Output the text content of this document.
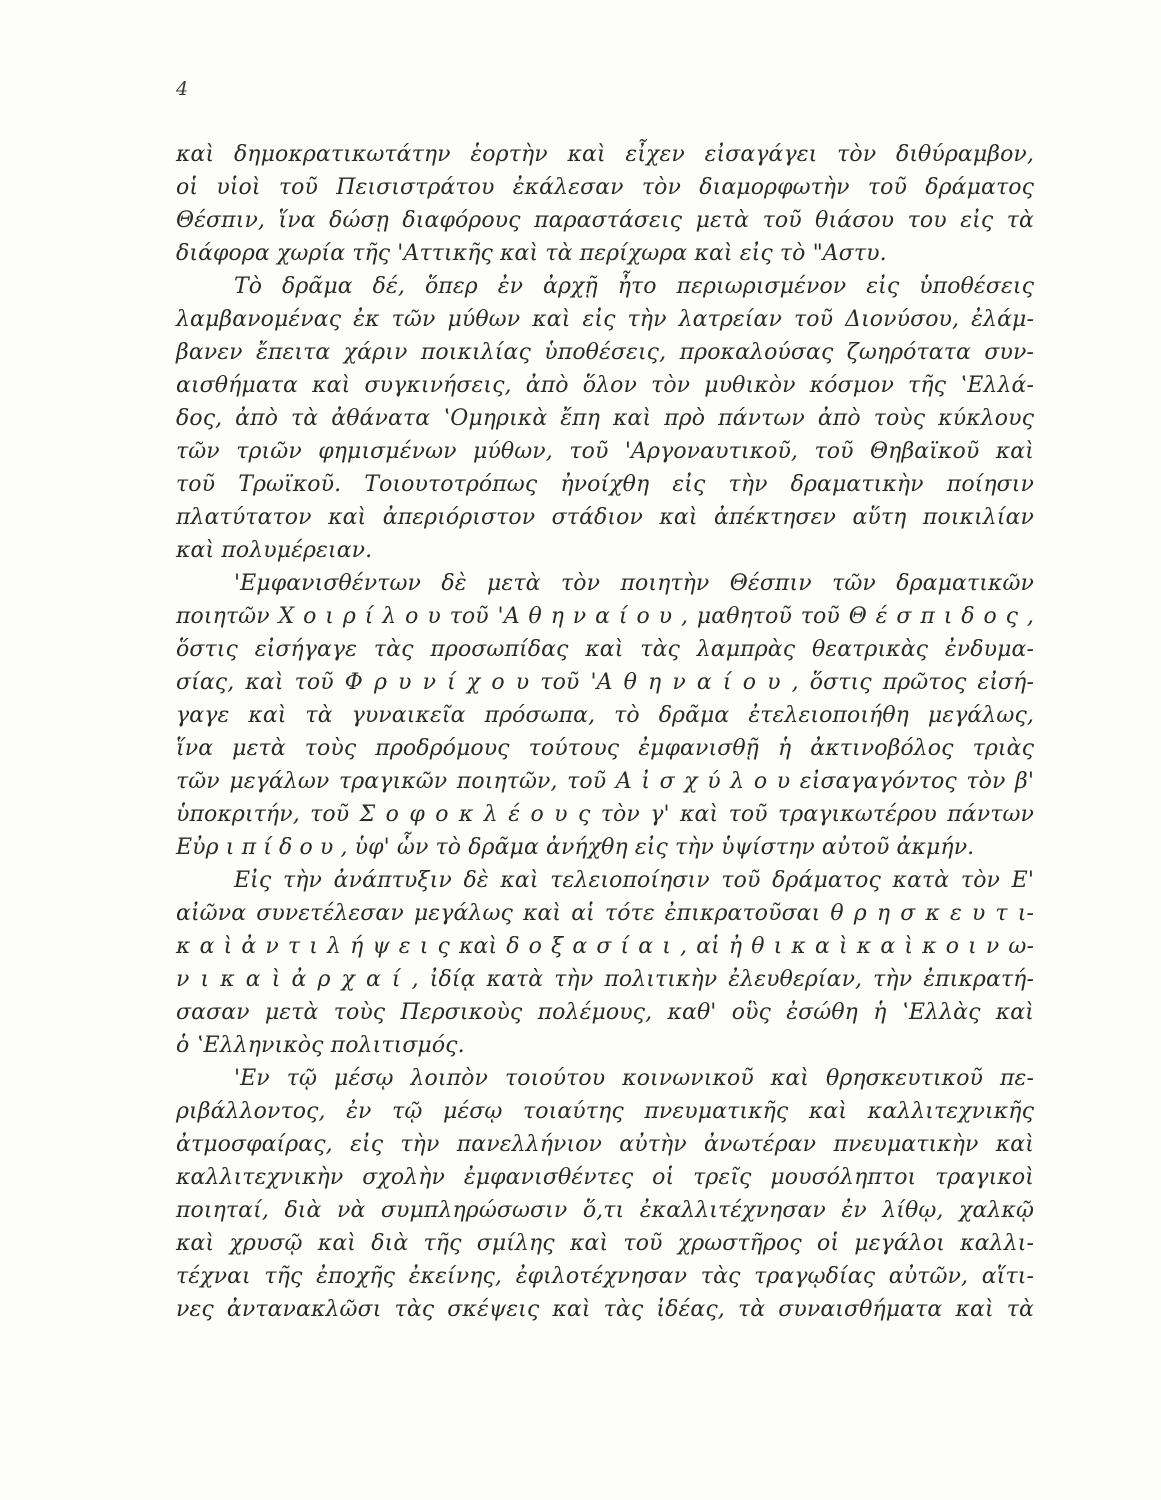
4
καὶ δημοκρατικωτάτην ἑορτὴν καὶ εἶχεν εἰσαγάγει τὸν διθύραμβον,
οἱ υἱοὶ τοῦ Πεισιστράτου ἐκάλεσαν τὸν διαμορφωτὴν τοῦ δράματος
Θέσπιν, ἵνα δώσῃ διαφόρους παραστάσεις μετὰ τοῦ θιάσου του εἰς τὰ
διάφορα χωρία τῆς 'Αττικῆς καὶ τὰ περίχωρα καὶ εἰς τὸ "Αστυ.
Τὸ δρᾶμα δέ, ὅπερ ἐν ἀρχῇ ἦτο περιωρισμένον εἰς ὑποθέσεις
λαμβανομένας ἐκ τῶν μύθων καὶ εἰς τὴν λατρείαν τοῦ Διονύσου, ἐλάμ-
βανεν ἔπειτα χάριν ποικιλίας ὑποθέσεις, προκαλούσας ζωηρότατα συν-
αισθήματα καὶ συγκινήσεις, ἀπὸ ὅλον τὸν μυθικὸν κόσμον τῆς ʽΕλλά-
δος, ἀπὸ τὰ ἀθάνατα ʽΟμηρικὰ ἔπη καὶ πρὸ πάντων ἀπὸ τοὺς κύκλους
τῶν τριῶν φημισμένων μύθων, τοῦ 'Αργοναυτικοῦ, τοῦ Θηβαϊκοῦ καὶ
τοῦ Τρωϊκοῦ. Τοιουτοτρόπως ἠνοίχθη εἰς τὴν δραματικὴν ποίησιν
πλατύτατον καὶ ἀπεριόριστον στάδιον καὶ ἀπέκτησεν αὕτη ποικιλίαν
καὶ πολυμέρειαν.
'Εμφανισθέντων δὲ μετὰ τὸν ποιητὴν Θέσπιν τῶν δραματικῶν
ποιητῶν Χ ο ι ρ ί λ ο υ τοῦ 'Α θ η ν α ί ο υ , μαθητοῦ τοῦ Θ έ σ π ι δ ο ς ,
ὅστις εἰσήγαγε τὰς προσωπίδας καὶ τὰς λαμπρὰς θεατρικὰς ἐνδυμα-
σίας, καὶ τοῦ Φ ρ υ ν ί χ ο υ τοῦ 'Α θ η ν α ί ο υ , ὅστις πρῶτος εἰσή-
γαγε καὶ τὰ γυναικεῖα πρόσωπα, τὸ δρᾶμα ἐτελειοποιήθη μεγάλως,
ἵνα μετὰ τοὺς προδρόμους τούτους ἐμφανισθῇ ἡ ἀκτινοβόλος τριὰς
τῶν μεγάλων τραγικῶν ποιητῶν, τοῦ Α ἰ σ χ ύ λ ο υ εἰσαγαγόντος τὸν β'
ὑποκριτήν, τοῦ Σ ο φ ο κ λ έ ο υ ς τὸν γ' καὶ τοῦ τραγικωτέρου πάντων
Εὐρ ι π ί δ ο υ , ὑφ' ὧν τὸ δρᾶμα ἀνήχθη εἰς τὴν ὑψίστην αὐτοῦ ἀκμήν.
Εἰς τὴν ἀνάπτυξιν δὲ καὶ τελειοποίησιν τοῦ δράματος κατὰ τὸν Ε'
αἰῶνα συνετέλεσαν μεγάλως καὶ αἱ τότε ἐπικρατοῦσαι θ ρ η σ κ ε υ τ ι-
κ α ὶ ἀ ν τ ι λ ή ψ ε ι ς καὶ δ ο ξ α σ ί α ι , αἱ ἠ θ ι κ α ὶ κ α ὶ κ ο ι ν ω-
ν ι κ α ὶ ἀ ρ χ α ί , ἰδίᾳ κατὰ τὴν πολιτικὴν ἐλευθερίαν, τὴν ἐπικρατή-
σασαν μετὰ τοὺς Περσικοὺς πολέμους, καθ' οὓς ἐσώθη ἡ ʽΕλλὰς καὶ
ὁ ʽΕλληνικὸς πολιτισμός.
'Εν τῷ μέσῳ λοιπὸν τοιούτου κοινωνικοῦ καὶ θρησκευτικοῦ πε-
ριβάλλοντος, ἐν τῷ μέσῳ τοιαύτης πνευματικῆς καὶ καλλιτεχνικῆς
ἀτμοσφαίρας, εἰς τὴν πανελλήνιον αὐτὴν ἀνωτέραν πνευματικὴν καὶ
καλλιτεχνικὴν σχολὴν ἐμφανισθέντες οἱ τρεῖς μουσόληπτοι τραγικοὶ
ποιηταί, διὰ νὰ συμπληρώσωσιν ὅ,τι ἐκαλλιτέχνησαν ἐν λίθῳ, χαλκῷ
καὶ χρυσῷ καὶ διὰ τῆς σμίλης καὶ τοῦ χρωστῆρος οἱ μεγάλοι καλλι-
τέχναι τῆς ἐποχῆς ἐκείνης, ἐφιλοτέχνησαν τὰς τραγῳδίας αὐτῶν, αἵτι-
νες ἀντανακλῶσι τὰς σκέψεις καὶ τὰς ἰδέας, τὰ συναισθήματα καὶ τὰ
